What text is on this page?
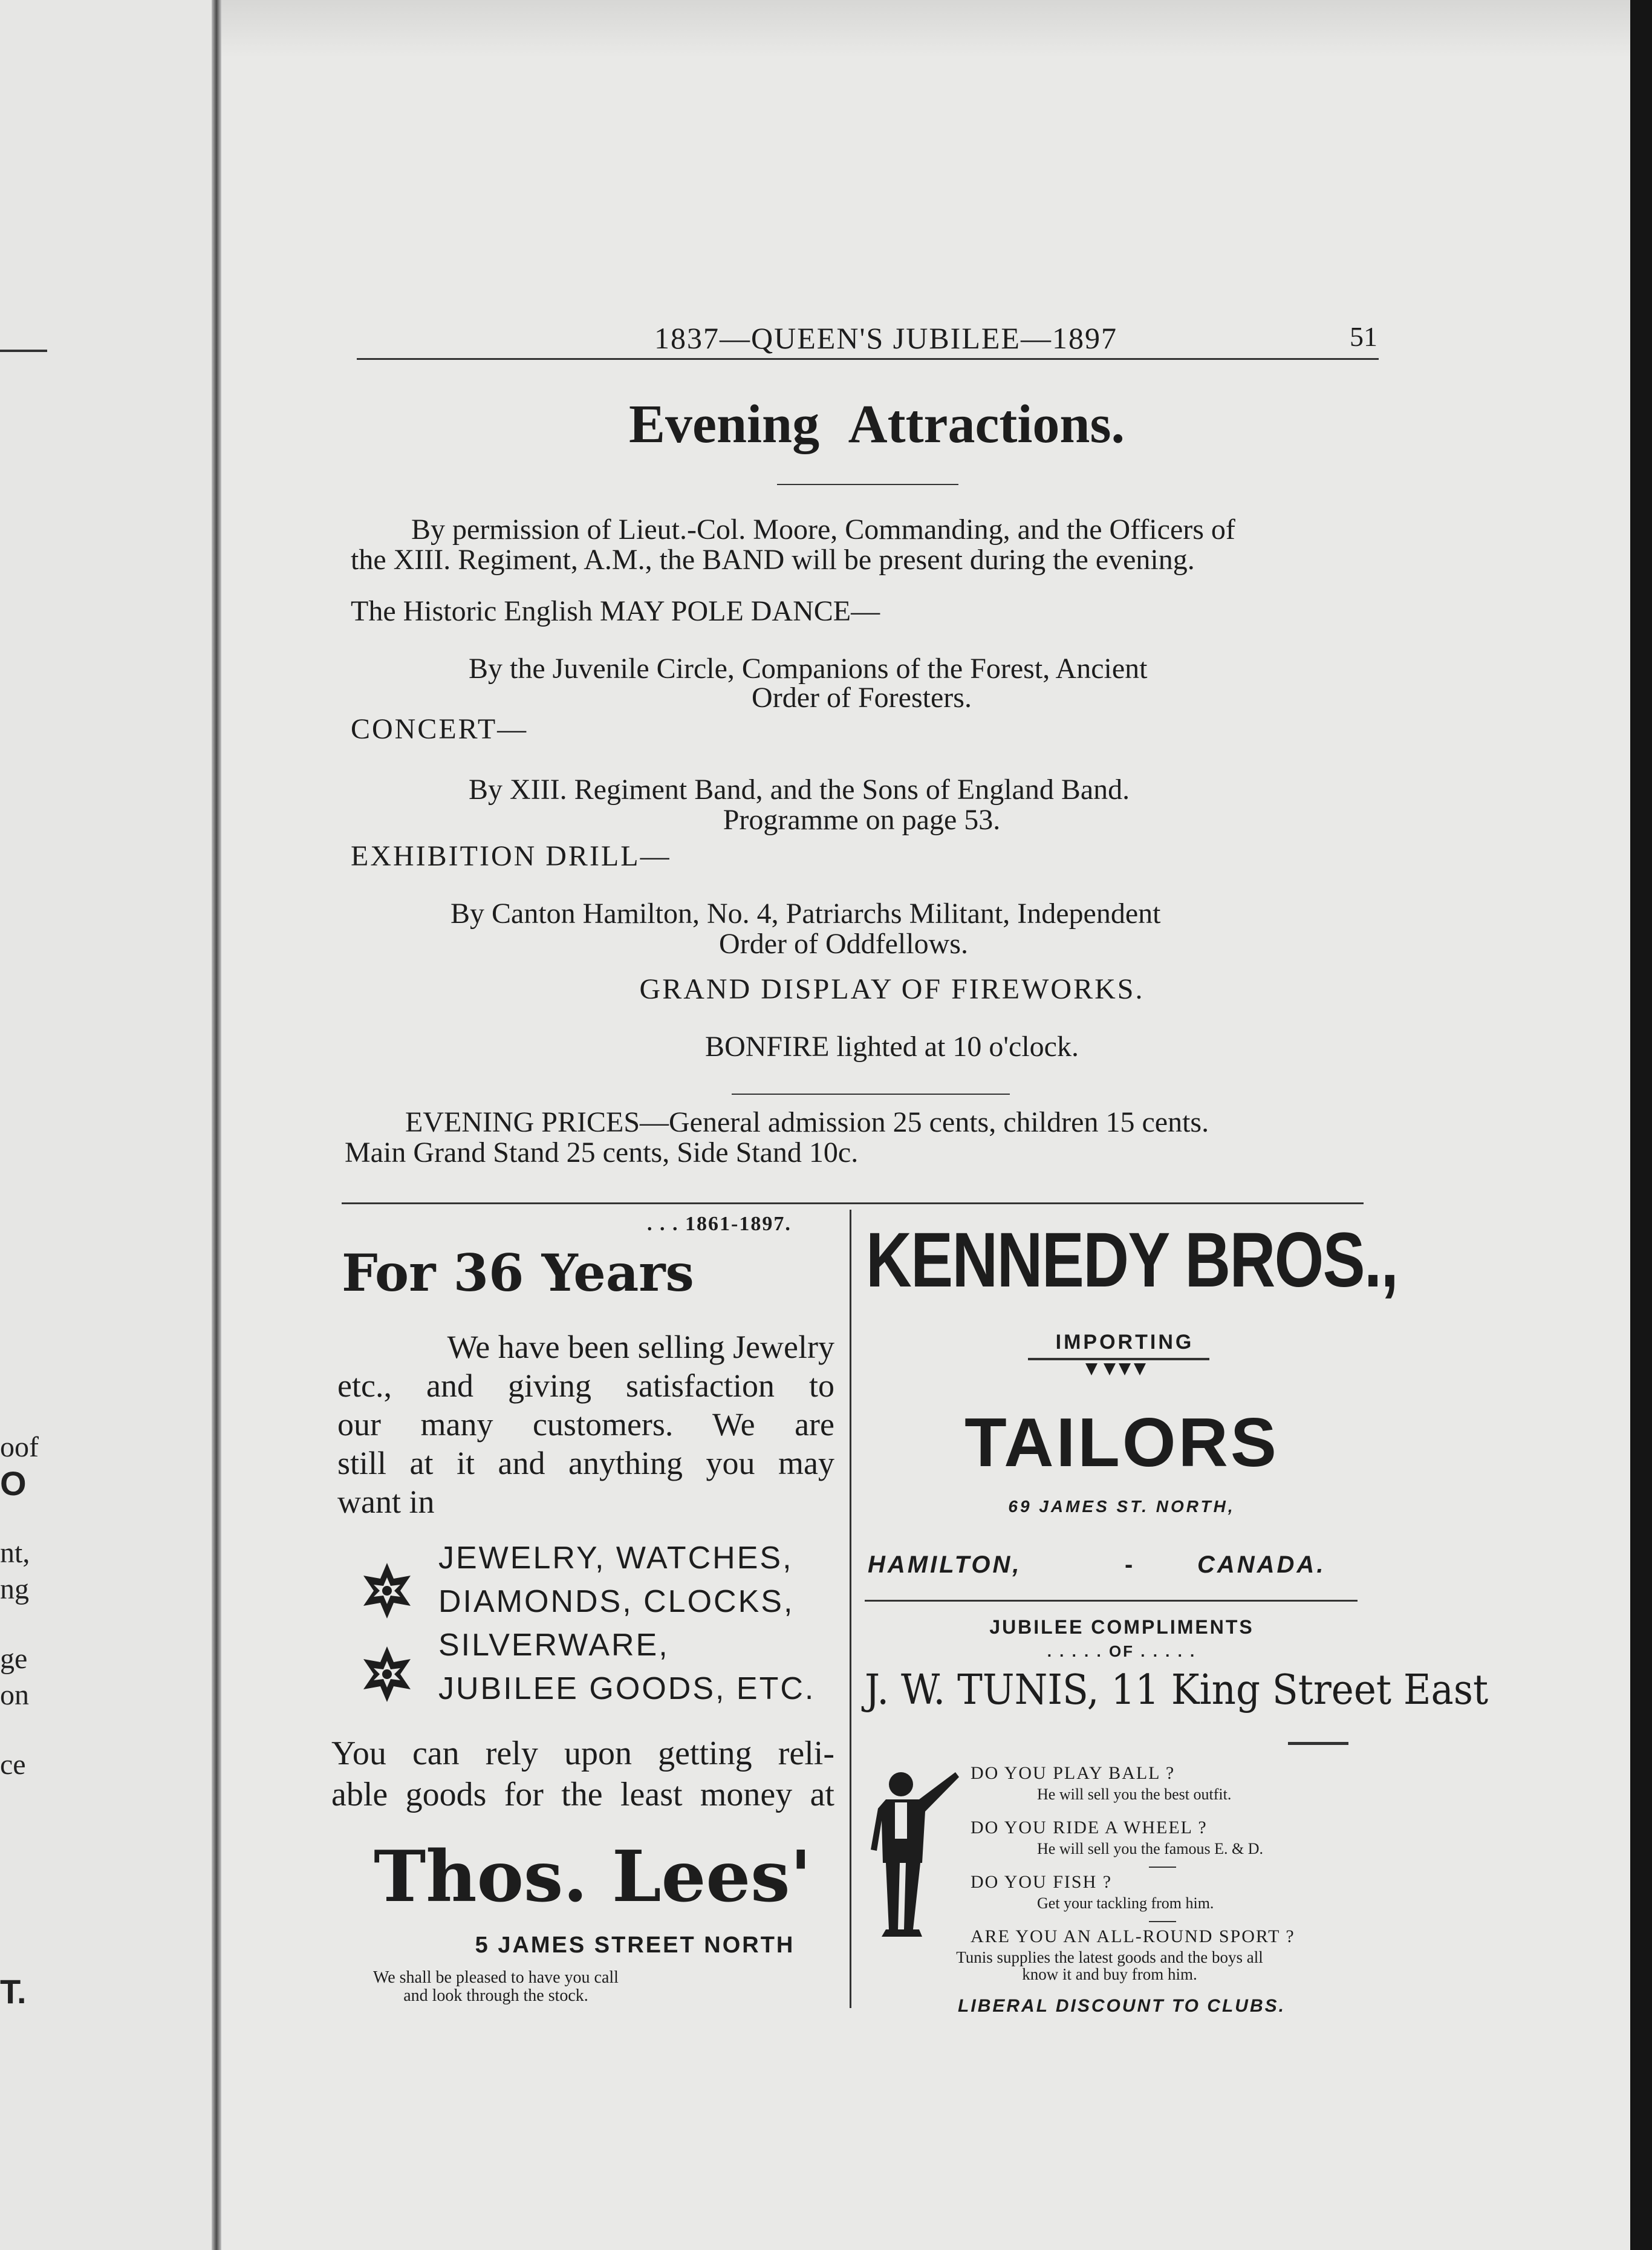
oof
O
nt,
ng
ge
on
ce
T.
1837—QUEEN'S JUBILEE—1897	51
Evening Attractions.
By permission of Lieut.-Col. Moore, Commanding, and the Officers of
the XIII. Regiment, A.M., the BAND will be present during the evening.
The Historic English MAY POLE DANCE—
By the Juvenile Circle, Companions of the Forest, Ancient
Order of Foresters.
CONCERT—
By XIII. Regiment Band, and the Sons of England Band.
Programme on page 53.
EXHIBITION DRILL—
By Canton Hamilton, No. 4, Patriarchs Militant, Independent
Order of Oddfellows.
GRAND DISPLAY OF FIREWORKS.
BONFIRE lighted at 10 o'clock.
EVENING PRICES—General admission 25 cents, children 15 cents.
Main Grand Stand 25 cents, Side Stand 10c.
. . . 1861-1897.
For 36 Years
We have been selling Jewelry
etc., and giving satisfaction to
our many customers. We are
still at it and anything you may
want in
JEWELRY, WATCHES,
DIAMONDS, CLOCKS,
SILVERWARE,
JUBILEE GOODS, ETC.
You can rely upon getting reli-
able goods for the least money at
Thos. Lees'
5 JAMES STREET NORTH
We shall be pleased to have you call
and look through the stock.
KENNEDY BROS.,
IMPORTING
TAILORS
69 JAMES ST. NORTH,
HAMILTON,	-	CANADA.
JUBILEE COMPLIMENTS
. . . . . OF . . . . .
J. W. TUNIS, 11 King Street East
DO YOU PLAY BALL ?
He will sell you the best outfit.
DO YOU RIDE A WHEEL ?
He will sell you the famous E. & D.
DO YOU FISH ?
Get your tackling from him.
ARE YOU AN ALL-ROUND SPORT ?
Tunis supplies the latest goods and the boys all
know it and buy from him.
LIBERAL DISCOUNT TO CLUBS.
